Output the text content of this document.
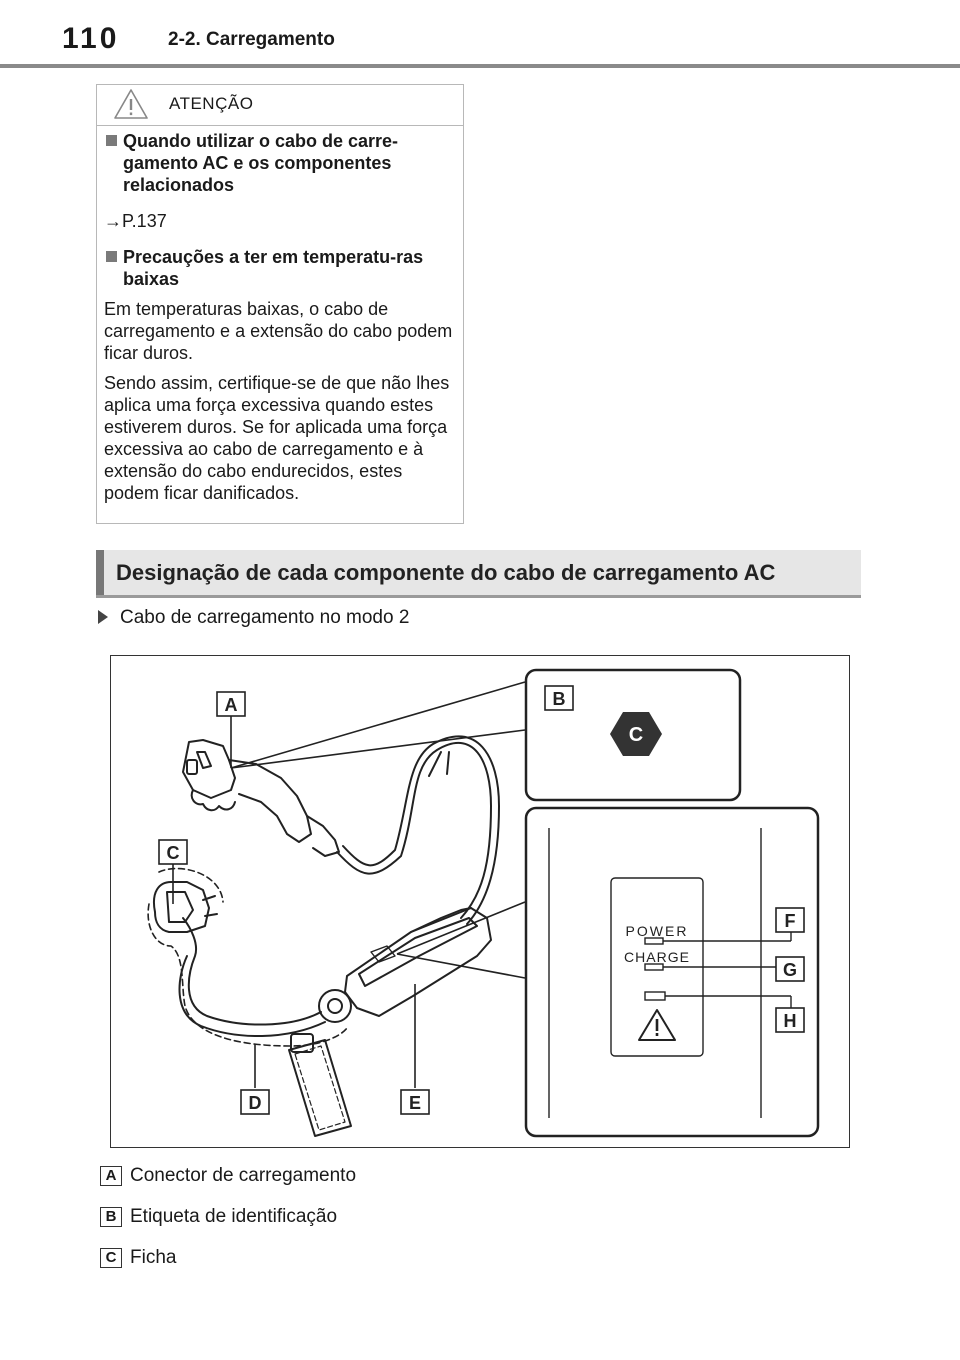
110	2-2. Carregamento
ATENÇÃO
Quando utilizar o cabo de carre-gamento AC e os componentes relacionados
→P.137
Precauções a ter em temperatu-ras baixas
Em temperaturas baixas, o cabo de carregamento e a extensão do cabo podem ficar duros.
Sendo assim, certifique-se de que não lhes aplica uma força excessiva quando estes estiverem duros. Se for aplicada uma força excessiva ao cabo de carregamento e à extensão do cabo endurecidos, estes podem ficar danificados.
Designação de cada componente do cabo de carregamento AC
Cabo de carregamento no modo 2
POWER
CHARGE
A	B
C
D	E
F
G
H
C
A Conector de carregamento
B Etiqueta de identificação
C Ficha
